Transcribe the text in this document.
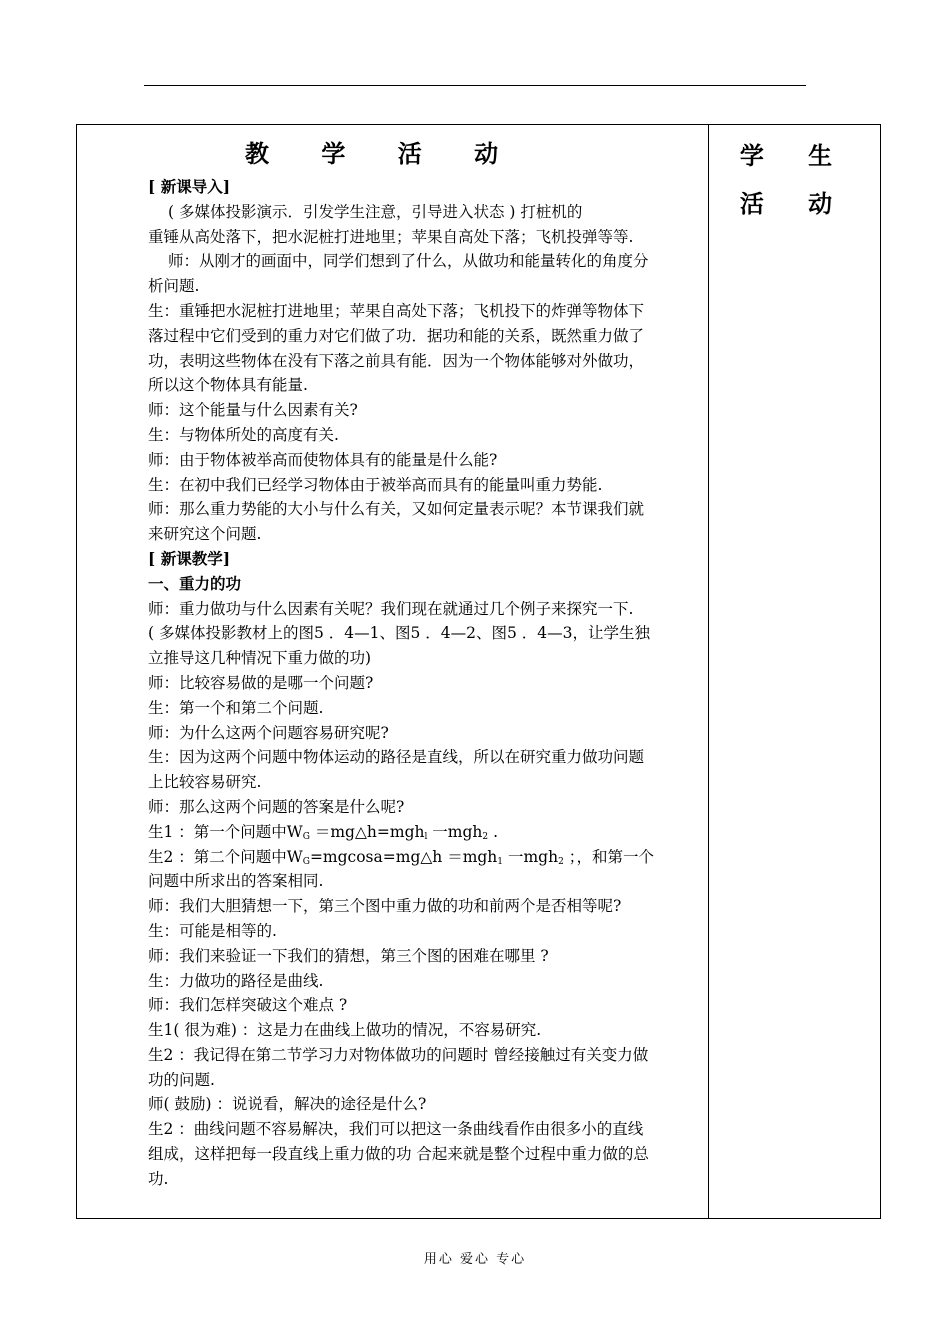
教 学 活 动	学 生 活 动
[ 新课导入]
( 多媒体投影演示．引发学生注意，引导进入状态 ) 打桩机的
重锤从高处落下，把水泥桩打进地里；苹果自高处下落；飞机投弹等等.
师：从刚才的画面中，同学们想到了什么，从做功和能量转化的角度分
析问题.
生：重锤把水泥桩打进地里；苹果自高处下落；飞机投下的炸弹等物体下
落过程中它们受到的重力对它们做了功．据功和能的关系，既然重力做了
功，表明这些物体在没有下落之前具有能．因为一个物体能够对外做功，
所以这个物体具有能量.
师：这个能量与什么因素有关?
生：与物体所处的高度有关.
师：由于物体被举高而使物体具有的能量是什么能?
生：在初中我们已经学习物体由于被举高而具有的能量叫重力势能.
师：那么重力势能的大小与什么有关，又如何定量表示呢？本节课我们就
来研究这个问题.
[ 新课教学]
一、重力的功
师：重力做功与什么因素有关呢？我们现在就通过几个例子来探究一下.
( 多媒体投影教材上的图5 ．4—1、图5 ．4—2、图5 ．4—3，让学生独
立推导这几种情况下重力做的功)
师：比较容易做的是哪一个问题?
生：第一个和第二个问题.
师：为什么这两个问题容易研究呢?
生：因为这两个问题中物体运动的路径是直线，所以在研究重力做功问题
上比较容易研究.
师：那么这两个问题的答案是什么呢?
生1 ：第一个问题中$W_G$ ＝mg△h=mgh$_l$ 一mgh$_2$ .
生2 ：第二个问题中$W_G=mgcosa=mg\triangle h =mgh_1$ 一mgh$_2$ ；，和第一个
问题中所求出的答案相同.
师：我们大胆猜想一下，第三个图中重力做的功和前两个是否相等呢?
生：可能是相等的.
师：我们来验证一下我们的猜想，第三个图的困难在哪里 ?
生：力做功的路径是曲线.
师：我们怎样突破这个难点 ?
生1( 很为难) ：这是力在曲线上做功的情况，不容易研究.
生2 ：我记得在第二节学习力对物体做功的问题时 曾经接触过有关变力做
功的问题.
师( 鼓励) ：说说看，解决的途径是什么?
生2 ：曲线问题不容易解决，我们可以把这一条曲线看作由很多小的直线
组成，这样把每一段直线上重力做的功 合起来就是整个过程中重力做的总
功.
用心 爱心 专心
